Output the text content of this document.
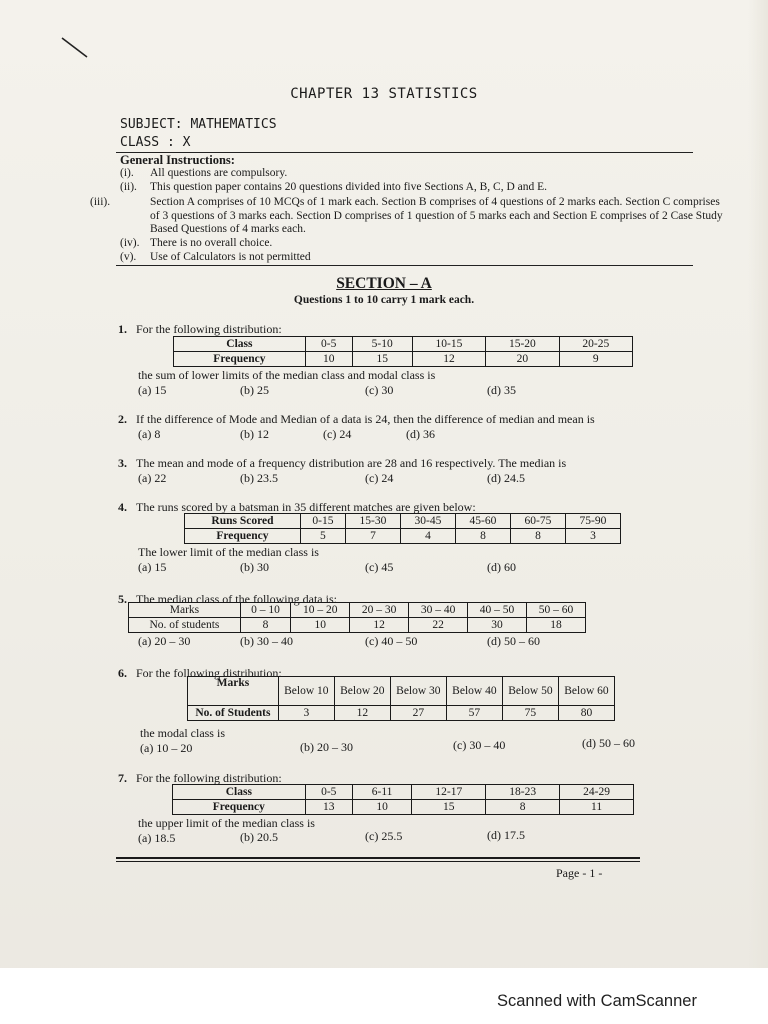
CHAPTER 13 STATISTICS
SUBJECT: MATHEMATICS
CLASS : X
General Instructions:
(i). All questions are compulsory.
(ii). This question paper contains 20 questions divided into five Sections A, B, C, D and E.
(iii).	Section A comprises of 10 MCQs of 1 mark each. Section B comprises of 4 questions of 2 marks each. Section C comprises of 3 questions of 3 marks each. Section D comprises of 1 question of 5 marks each and Section E comprises of 2 Case Study Based Questions of 4 marks each.
(iv). There is no overall choice.
(v). Use of Calculators is not permitted
SECTION – A
Questions 1 to 10 carry 1 mark each.
1. For the following distribution:
Class	0-5	5-10	10-15	15-20	20-25
Frequency	10	15	12	20	9
the sum of lower limits of the median class and modal class is
(a) 15	(b) 25	(c) 30	(d) 35
2. If the difference of Mode and Median of a data is 24, then the difference of median and mean is
(a) 8	(b) 12	(c) 24	(d) 36
3. The mean and mode of a frequency distribution are 28 and 16 respectively. The median is
(a) 22	(b) 23.5	(c) 24	(d) 24.5
4. The runs scored by a batsman in 35 different matches are given below:
Runs Scored	0-15	15-30	30-45	45-60	60-75	75-90
Frequency	5	7	4	8	8	3
The lower limit of the median class is
(a) 15	(b) 30	(c) 45	(d) 60
5. The median class of the following data is:
Marks	0 – 10	10 – 20	20 – 30	30 – 40	40 – 50	50 – 60
No. of students	8	10	12	22	30	18
(a) 20 – 30	(b) 30 – 40	(c) 40 – 50	(d) 50 – 60
6. For the following distribution:
Marks	Below 10	Below 20	Below 30	Below 40	Below 50	Below 60
No. of Students	3	12	27	57	75	80
the modal class is
(a) 10 – 20	(b) 20 – 30	(c) 30 – 40	(d) 50 – 60
7. For the following distribution:
Class	0-5	6-11	12-17	18-23	24-29
Frequency	13	10	15	8	11
the upper limit of the median class is
(a) 18.5	(b) 20.5	(c) 25.5	(d) 17.5
Page - 1 -
Scanned with CamScanner
